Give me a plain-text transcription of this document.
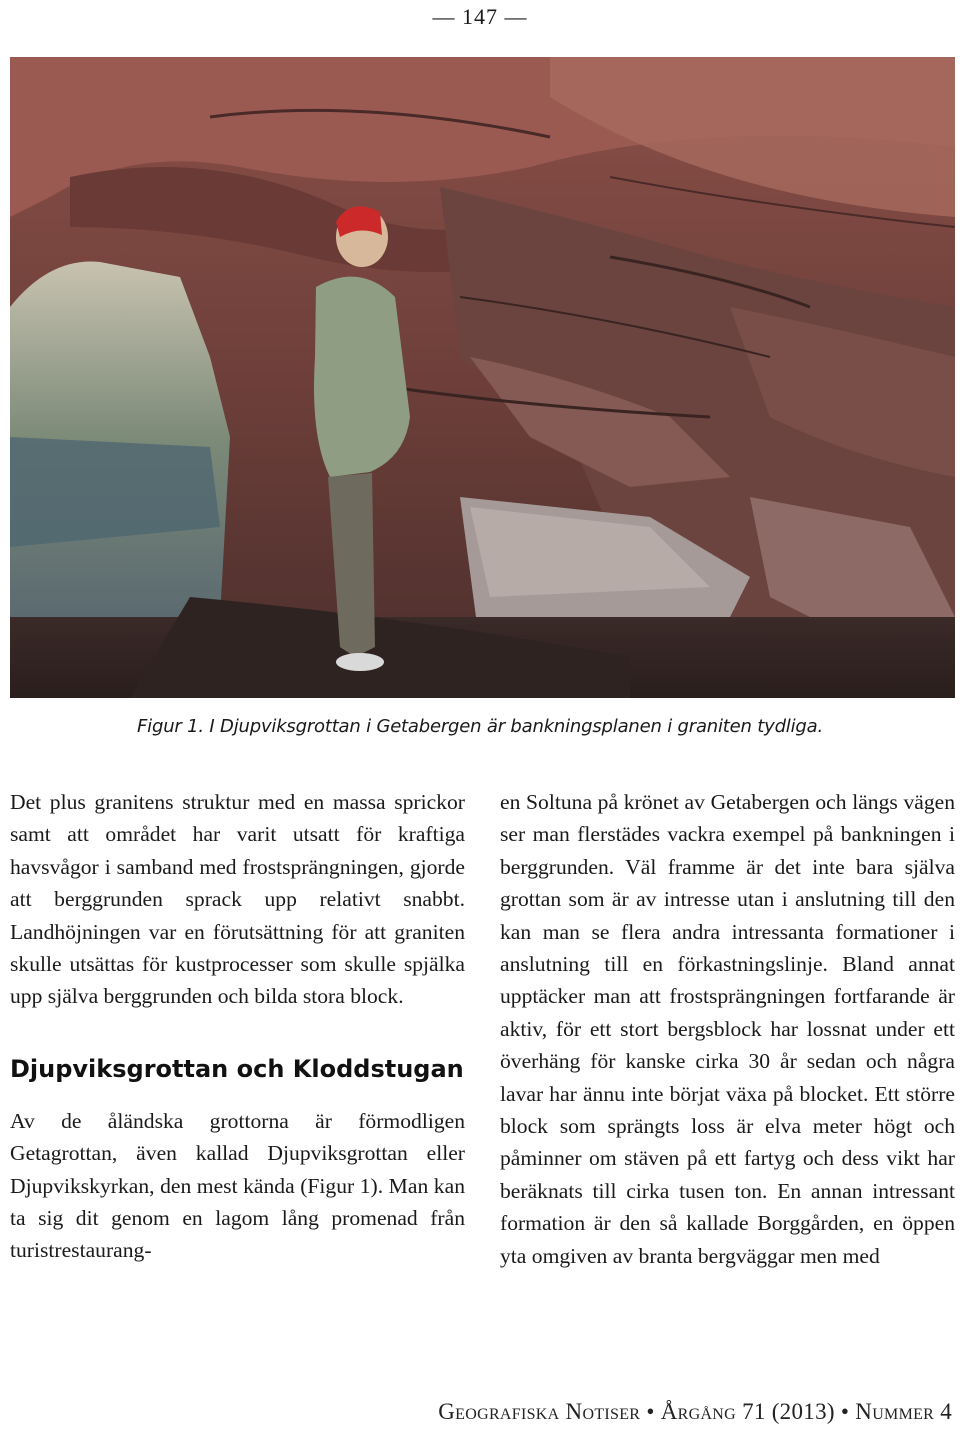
— 147 —
Figur 1. I Djupviksgrottan i Getabergen är bankningsplanen i graniten tydliga.

Det plus granitens struktur med en massa sprickor samt att området har varit utsatt för kraftiga havsvågor i samband med frostsprängningen, gjorde att berggrunden sprack upp relativt snabbt. Landhöjningen var en förutsättning för att graniten skulle utsättas för kustprocesser som skulle spjälka upp själva berggrunden och bilda stora block.

Djupviksgrottan och Kloddstugan

Av de åländska grottorna är förmodligen Getagrottan, även kallad Djupviksgrottan eller Djupvikskyrkan, den mest kända (Figur 1). Man kan ta sig dit genom en lagom lång promenad från turistrestaurang-

en Soltuna på krönet av Getabergen och längs vägen ser man flerstädes vackra exempel på bankningen i berggrunden. Väl framme är det inte bara själva grottan som är av intresse utan i anslutning till den kan man se flera andra intressanta formationer i anslutning till en förkastningslinje. Bland annat upptäcker man att frostsprängningen fortfarande är aktiv, för ett stort bergsblock har lossnat under ett överhäng för kanske cirka 30 år sedan och några lavar har ännu inte börjat växa på blocket. Ett större block som sprängts loss är elva meter högt och påminner om stäven på ett fartyg och dess vikt har beräknats till cirka tusen ton. En annan intressant formation är den så kallade Borggården, en öppen yta omgiven av branta bergväggar men med

Geografiska Notiser • Årgång 71 (2013) • Nummer 4
